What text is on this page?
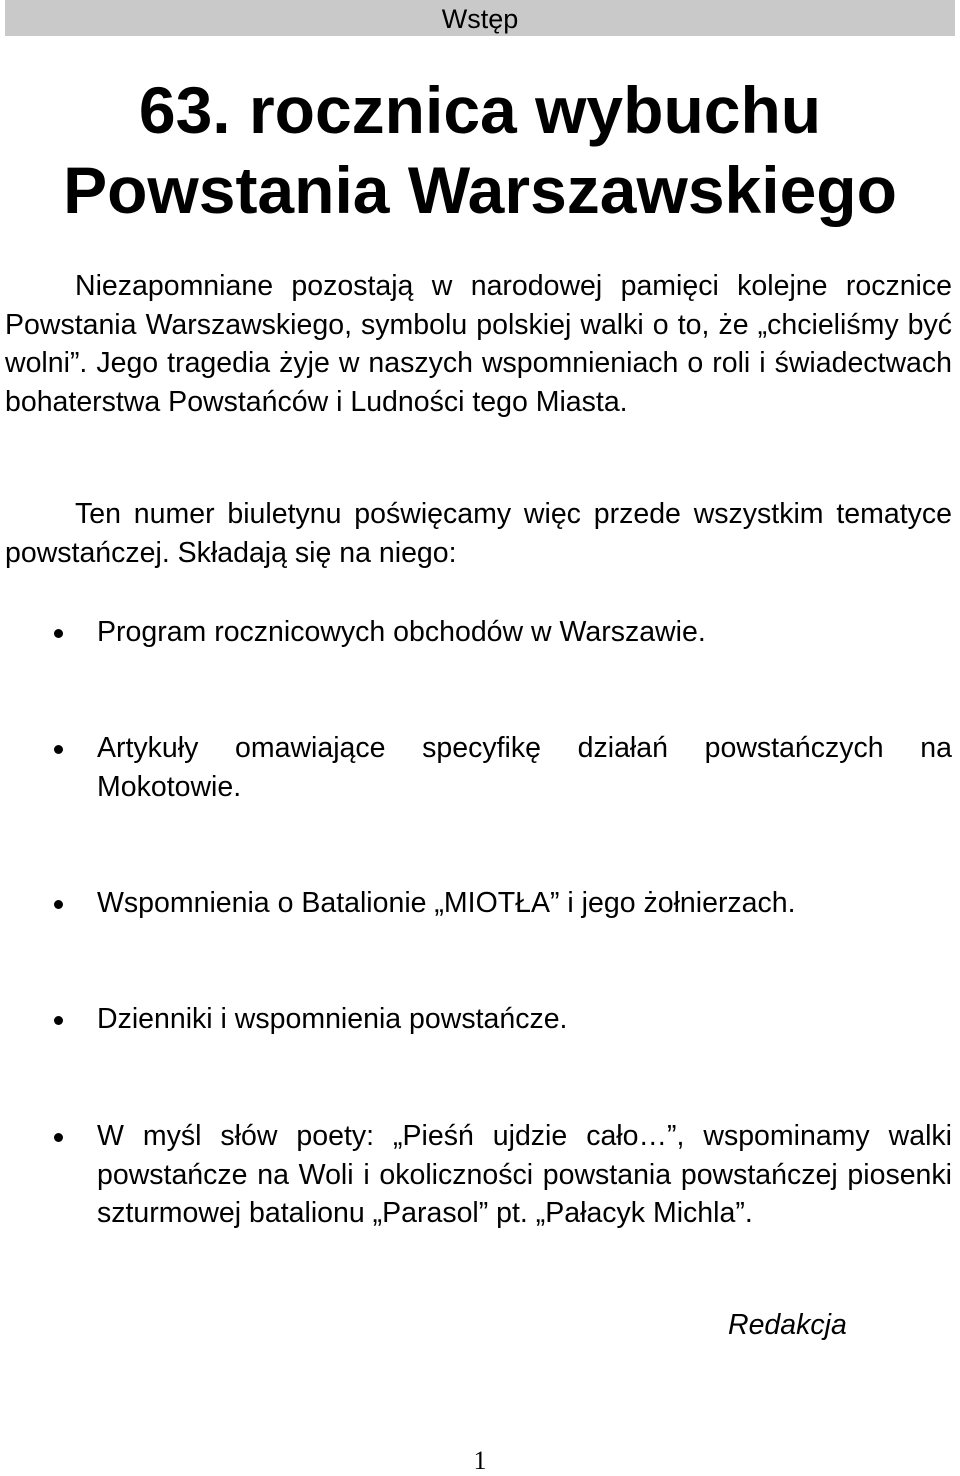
Wstęp
63. rocznica wybuchu
Powstania Warszawskiego

Niezapomniane pozostają w narodowej pamięci kolejne rocznice Powstania Warszawskiego, symbolu polskiej walki o to, że „chcieliśmy być wolni”. Jego tragedia żyje w naszych wspomnieniach o roli i świadectwach bohaterstwa Powstańców i Ludności tego Miasta.

Ten numer biuletynu poświęcamy więc przede wszystkim tematyce powstańczej. Składają się na niego:

Program rocznicowych obchodów w Warszawie.

Artykuły omawiające specyfikę działań powstańczych na Mokotowie.

Wspomnienia o Batalionie „MIOTŁA” i jego żołnierzach.

Dzienniki i wspomnienia powstańcze.

W myśl słów poety: „Pieśń ujdzie cało…”, wspominamy walki powstańcze na Woli i okoliczności powstania powstańczej piosenki szturmowej batalionu „Parasol” pt. „Pałacyk Michla”.

Redakcja
1
